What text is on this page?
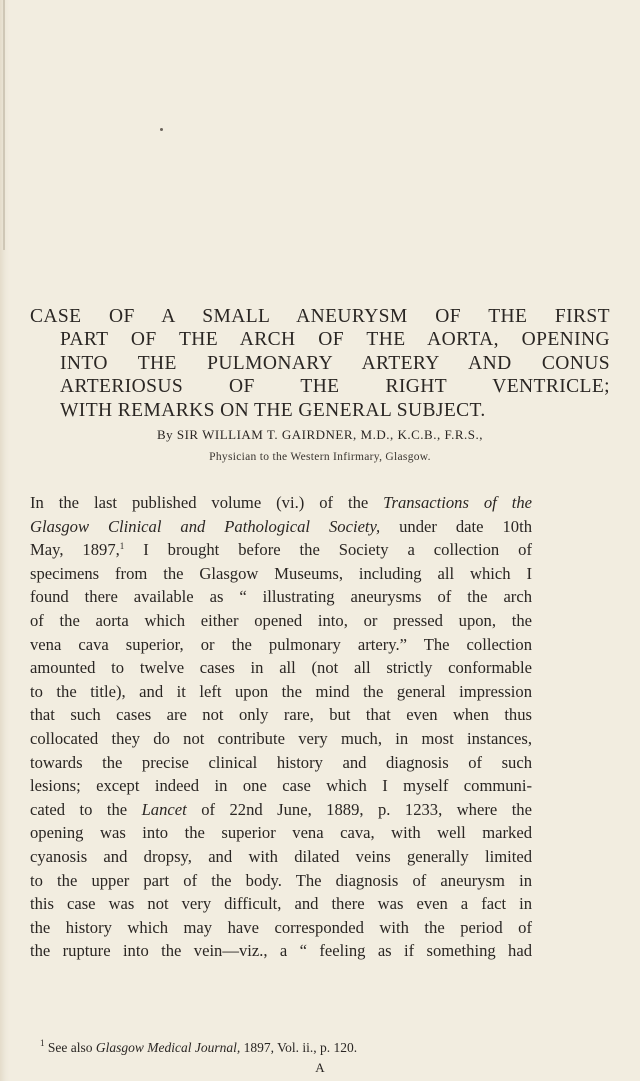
CASE OF A SMALL ANEURYSM OF THE FIRST
PART OF THE ARCH OF THE AORTA, OPENING
INTO THE PULMONARY ARTERY AND CONUS
ARTERIOSUS OF THE RIGHT VENTRICLE;
WITH REMARKS ON THE GENERAL SUBJECT.
By SIR WILLIAM T. GAIRDNER, M.D., K.C.B., F.R.S.,
Physician to the Western Infirmary, Glasgow.
In the last published volume (vi.) of the Transactions of the
Glasgow Clinical and Pathological Society, under date 10th
May, 1897,$^1$ I brought before the Society a collection of
specimens from the Glasgow Museums, including all which I
found there available as “ illustrating aneurysms of the arch
of the aorta which either opened into, or pressed upon, the
vena cava superior, or the pulmonary artery.” The collection
amounted to twelve cases in all (not all strictly conformable
to the title), and it left upon the mind the general impression
that such cases are not only rare, but that even when thus
collocated they do not contribute very much, in most instances,
towards the precise clinical history and diagnosis of such
lesions; except indeed in one case which I myself communi-
cated to the Lancet of 22nd June, 1889, p. 1233, where the
opening was into the superior vena cava, with well marked
cyanosis and dropsy, and with dilated veins generally limited
to the upper part of the body. The diagnosis of aneurysm in
this case was not very difficult, and there was even a fact in
the history which may have corresponded with the period of
the rupture into the vein—viz., a “ feeling as if something had
$^1$ See also Glasgow Medical Journal, 1897, Vol. ii., p. 120.
A
